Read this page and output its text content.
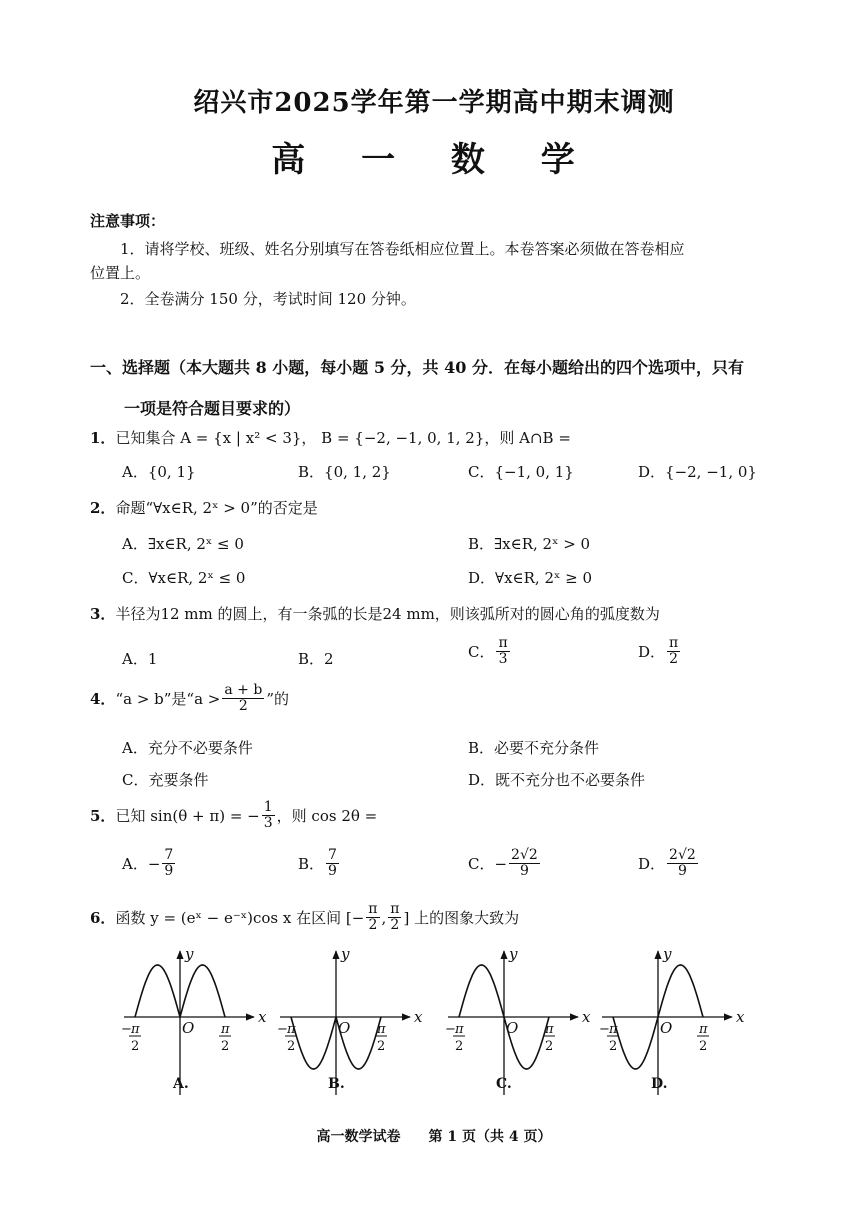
绍兴市2025学年第一学期高中期末调测
高 一 数 学
注意事项：
1．请将学校、班级、姓名分别填写在答卷纸相应位置上。本卷答案必须做在答卷相应
位置上。
2．全卷满分 150 分，考试时间 120 分钟。
一、选择题（本大题共 8 小题，每小题 5 分，共 40 分．在每小题给出的四个选项中，只有
一项是符合题目要求的）
1．已知集合 A = {x | x² < 3}， B = {−2, −1, 0, 1, 2}，则 A∩B =
A．{0, 1}	B．{0, 1, 2}	C．{−1, 0, 1}	D．{−2, −1, 0}
2．命题“∀x∈R, 2ˣ > 0”的否定是
A．∃x∈R, 2ˣ ≤ 0	B．∃x∈R, 2ˣ > 0
C．∀x∈R, 2ˣ ≤ 0	D．∀x∈R, 2ˣ ≥ 0
3．半径为12 mm 的圆上，有一条弧的长是24 mm，则该弧所对的圆心角的弧度数为
A．1	B．2	C． $\frac{\pi}{3}$	D． $\frac{\pi}{2}$
4． “a > b”是“$a > \frac{a + b}{2}$ ”的
A．充分不必要条件	B．必要不充分条件
C．充要条件	D．既不充分也不必要条件
5． 已知 sin(θ + π) = − $\frac{1}{3}$ ，则 cos 2θ =
A．− $\frac{7}{9}$	B． $\frac{7}{9}$	C．− $\frac{2√2}{9}$	D． $\frac{2√2}{9}$
6． 函数 y = (eˣ − e⁻ˣ)cos x 在区间 [− $\frac{\pi}{2}$ , $\frac{\pi}{2}$ ] 上的图象大致为
x
y
O
− π
2
π
2
x
y
O
− π
2
π
2
x
y
O
− π
2
π
2
x
y
O
− π
2
π
2
A.	B.	C.	D.
高一数学试卷　　第 1 页（共 4 页）
